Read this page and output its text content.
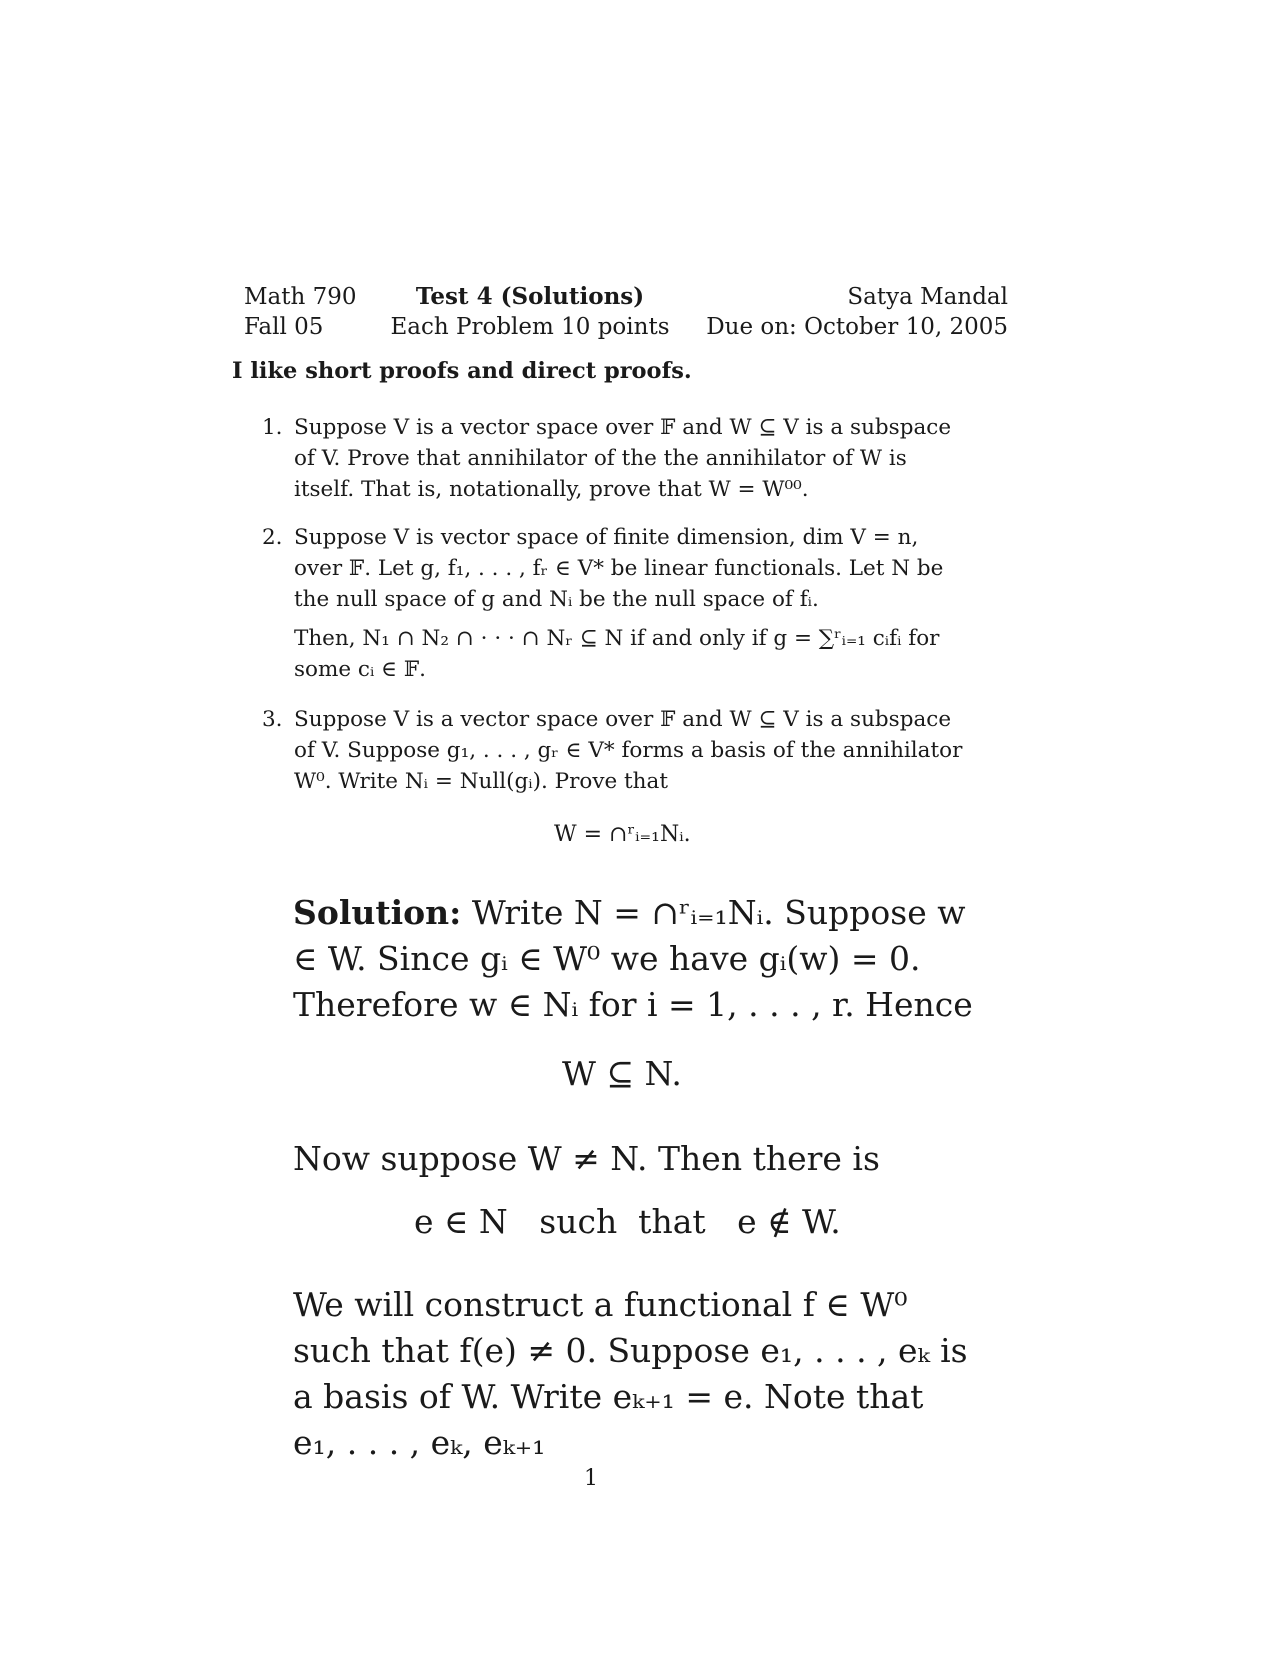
Math 790
Fall 05
Test 4 (Solutions)
Each Problem 10 points
Satya Mandal
Due on: October 10, 2005
I like short proofs and direct proofs.
1. Suppose V is a vector space over 𝔽 and W ⊆ V is a subspace of V. Prove that annihilator of the the annihilator of W is itself. That is, notationally, prove that W = W⁰⁰.

2. Suppose V is vector space of finite dimension, dim V = n, over 𝔽. Let g, f₁, . . . , fᵣ ∈ V* be linear functionals. Let N be the null space of g and Nᵢ be the null space of fᵢ.

Then, N₁ ∩ N₂ ∩ · · · ∩ Nᵣ ⊆ N if and only if g = ∑ʳᵢ₌₁ cᵢfᵢ for some cᵢ ∈ 𝔽.

3. Suppose V is a vector space over 𝔽 and W ⊆ V is a subspace of V. Suppose g₁, . . . , gᵣ ∈ V* forms a basis of the annihilator W⁰. Write Nᵢ = Null(gᵢ). Prove that

W = ∩ʳᵢ₌₁Nᵢ.

Solution: Write N = ∩ʳᵢ₌₁Nᵢ. Suppose w ∈ W. Since gᵢ ∈ W⁰ we have gᵢ(w) = 0. Therefore w ∈ Nᵢ for i = 1, . . . , r. Hence

W ⊆ N.

Now suppose W ≠ N. Then there is

e ∈ N   such  that   e ∉ W.

We will construct a functional f ∈ W⁰ such that f(e) ≠ 0. Suppose e₁, . . . , eₖ is a basis of W. Write eₖ₊₁ = e. Note that e₁, . . . , eₖ, eₖ₊₁

1
